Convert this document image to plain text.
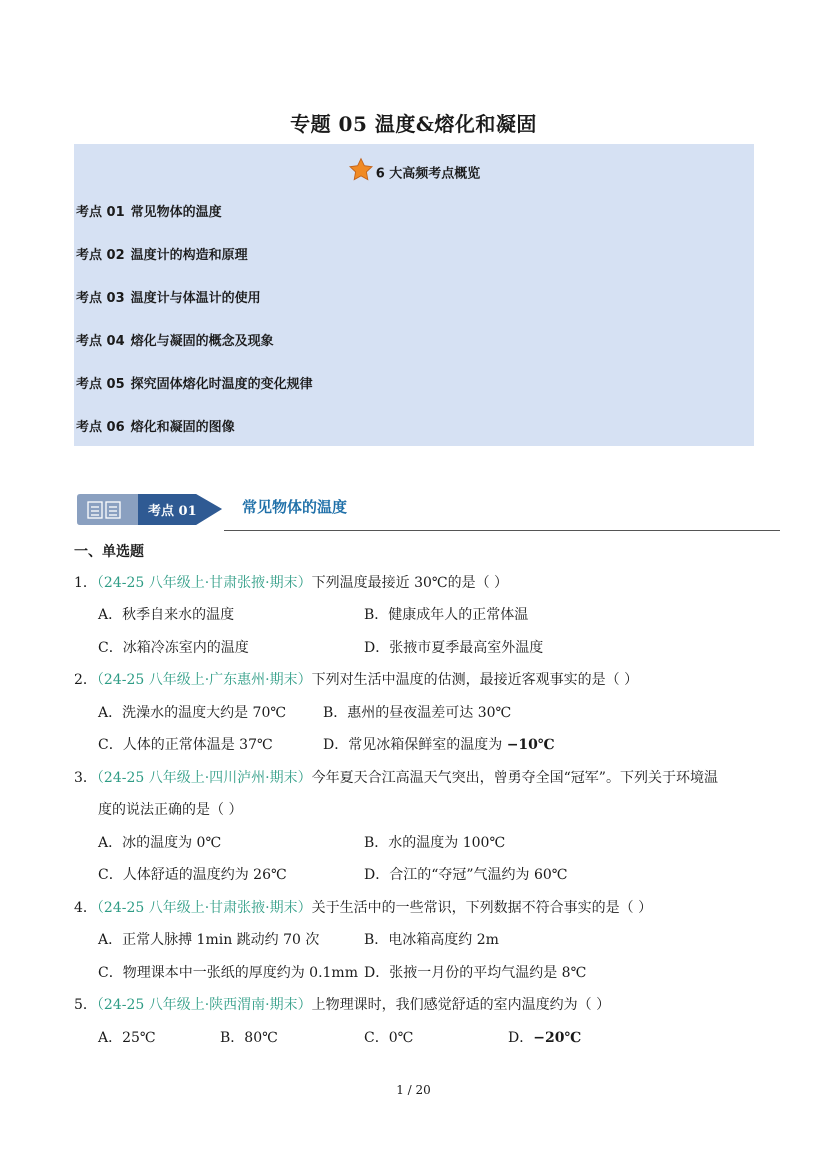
专题 05 温度&熔化和凝固
6 大高频考点概览
考点 01 常见物体的温度
考点 02 温度计的构造和原理
考点 03 温度计与体温计的使用
考点 04 熔化与凝固的概念及现象
考点 05 探究固体熔化时温度的变化规律
考点 06 熔化和凝固的图像
考点 01	常见物体的温度
一、单选题
1．（24-25 八年级上·甘肃张掖·期末）下列温度最接近 30℃的是（ ）
A．秋季自来水的温度	B．健康成年人的正常体温
C．冰箱冷冻室内的温度	D．张掖市夏季最高室外温度
2．（24-25 八年级上·广东惠州·期末）下列对生活中温度的估测，最接近客观事实的是（ ）
A．洗澡水的温度大约是 70℃	B．惠州的昼夜温差可达 30℃
C．人体的正常体温是 37℃	D．常见冰箱保鲜室的温度为 −10℃
3．（24-25 八年级上·四川泸州·期末）今年夏天合江高温天气突出，曾勇夺全国“冠军”。下列关于环境温
度的说法正确的是（ ）
A．冰的温度为 0℃	B．水的温度为 100℃
C．人体舒适的温度约为 26℃	D．合江的“夺冠”气温约为 60℃
4．（24-25 八年级上·甘肃张掖·期末）关于生活中的一些常识，下列数据不符合事实的是（ ）
A．正常人脉搏 1min 跳动约 70 次	B．电冰箱高度约 2m
C．物理课本中一张纸的厚度约为 0.1mm D．张掖一月份的平均气温约是 8℃
5．（24-25 八年级上·陕西渭南·期末）上物理课时，我们感觉舒适的室内温度约为（ ）
A．25℃	B．80℃	C．0℃	D．−20℃
1 / 20
